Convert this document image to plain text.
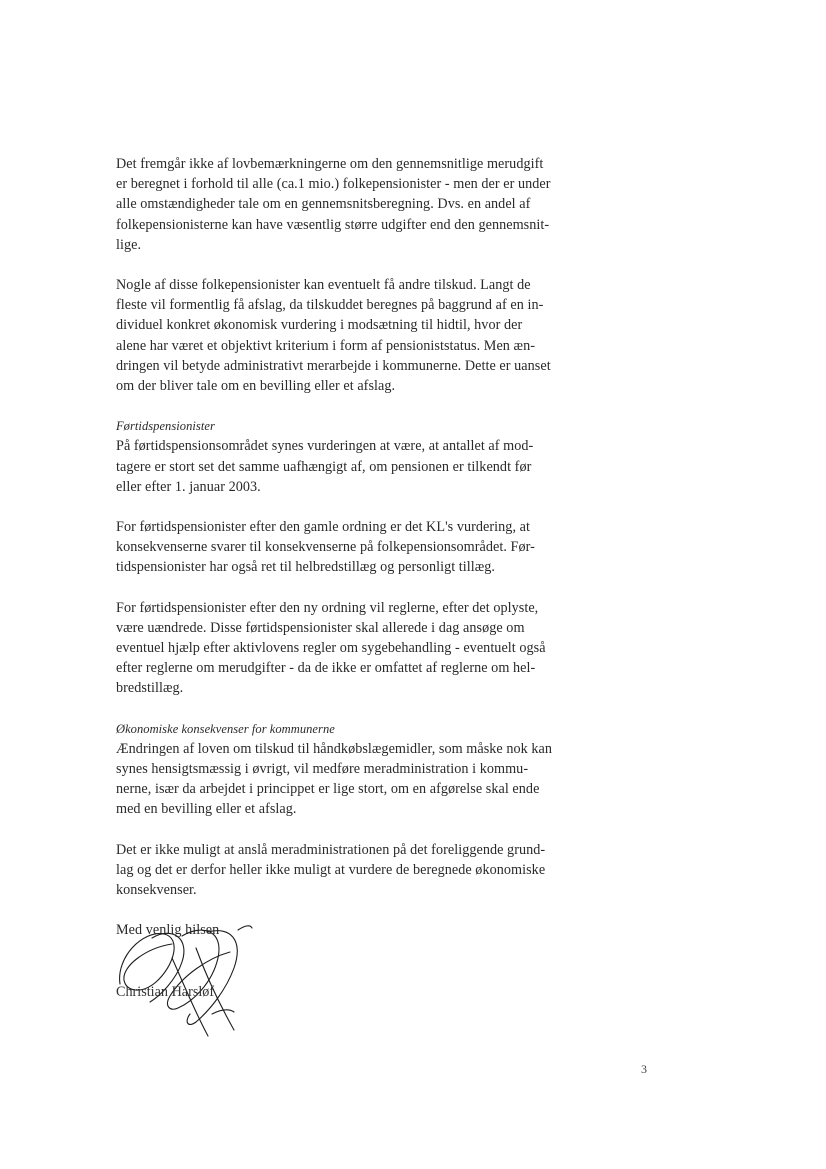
Det fremgår ikke af lovbemærkningerne om den gennemsnitlige merudgift
er beregnet i forhold til alle (ca.1 mio.) folkepensionister - men der er under
alle omstændigheder tale om en gennemsnitsberegning. Dvs. en andel af
folkepensionisterne kan have væsentlig større udgifter end den gennemsnit-
lige.

Nogle af disse folkepensionister kan eventuelt få andre tilskud. Langt de
fleste vil formentlig få afslag, da tilskuddet beregnes på baggrund af en in-
dividuel konkret økonomisk vurdering i modsætning til hidtil, hvor der
alene har været et objektivt kriterium i form af pensioniststatus. Men æn-
dringen vil betyde administrativt merarbejde i kommunerne. Dette er uanset
om der bliver tale om en bevilling eller et afslag.

Førtidspensionister
På førtidspensionsområdet synes vurderingen at være, at antallet af mod-
tagere er stort set det samme uafhængigt af, om pensionen er tilkendt før
eller efter 1. januar 2003.

For førtidspensionister efter den gamle ordning er det KL's vurdering, at
konsekvenserne svarer til konsekvenserne på folkepensionsområdet. Før-
tidspensionister har også ret til helbredstillæg og personligt tillæg.

For førtidspensionister efter den ny ordning vil reglerne, efter det oplyste,
være uændrede. Disse førtidspensionister skal allerede i dag ansøge om
eventuel hjælp efter aktivlovens regler om sygebehandling - eventuelt også
efter reglerne om merudgifter - da de ikke er omfattet af reglerne om hel-
bredstillæg.

Økonomiske konsekvenser for kommunerne
Ændringen af loven om tilskud til håndkøbslægemidler, som måske nok kan
synes hensigtsmæssig i øvrigt, vil medføre meradministration i kommu-
nerne, især da arbejdet i princippet er lige stort, om en afgørelse skal ende
med en bevilling eller et afslag.

Det er ikke muligt at anslå meradministrationen på det foreliggende grund-
lag og det er derfor heller ikke muligt at vurdere de beregnede økonomiske
konsekvenser.

Med venlig hilsen
Christian Harsløf
3
